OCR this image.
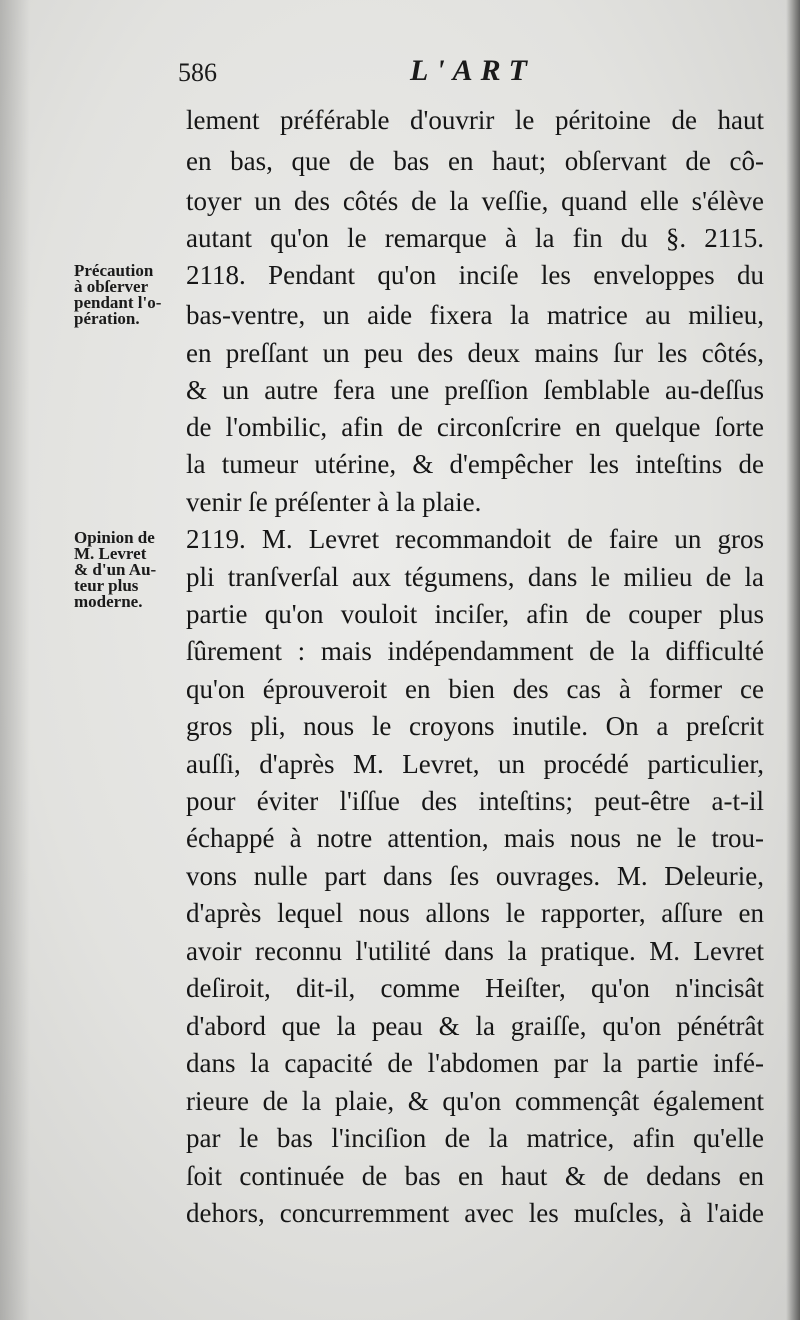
586	L'ART
lement préférable d'ouvrir le péritoine de haut
en bas, que de bas en haut; obſervant de cô-
toyer un des côtés de la veſſie, quand elle s'élève
autant qu'on le remarque à la fin du §. 2115.
2118. Pendant qu'on inciſe les enveloppes du
bas-ventre, un aide fixera la matrice au milieu,
en preſſant un peu des deux mains ſur les côtés,
& un autre fera une preſſion ſemblable au-deſſus
de l'ombilic, afin de circonſcrire en quelque ſorte
la tumeur utérine, & d'empêcher les inteſtins de
venir ſe préſenter à la plaie.
2119. M. Levret recommandoit de faire un gros
pli tranſverſal aux tégumens, dans le milieu de la
partie qu'on vouloit inciſer, afin de couper plus
ſûrement : mais indépendamment de la difficulté
qu'on éprouveroit en bien des cas à former ce
gros pli, nous le croyons inutile. On a preſcrit
auſſi, d'après M. Levret, un procédé particulier,
pour éviter l'iſſue des inteſtins; peut-être a-t-il
échappé à notre attention, mais nous ne le trou-
vons nulle part dans ſes ouvrages. M. Deleurie,
d'après lequel nous allons le rapporter, aſſure en
avoir reconnu l'utilité dans la pratique. M. Levret
deſiroit, dit-il, comme Heiſter, qu'on n'incisât
d'abord que la peau & la graiſſe, qu'on pénétrât
dans la capacité de l'abdomen par la partie infé-
rieure de la plaie, & qu'on commençât également
par le bas l'inciſion de la matrice, afin qu'elle
ſoit continuée de bas en haut & de dedans en
dehors, concurremment avec les muſcles, à l'aide
Précaution
à obſerver
pendant l'o-
pération.
Opinion de
M. Levret
& d'un Au-
teur plus
moderne.
